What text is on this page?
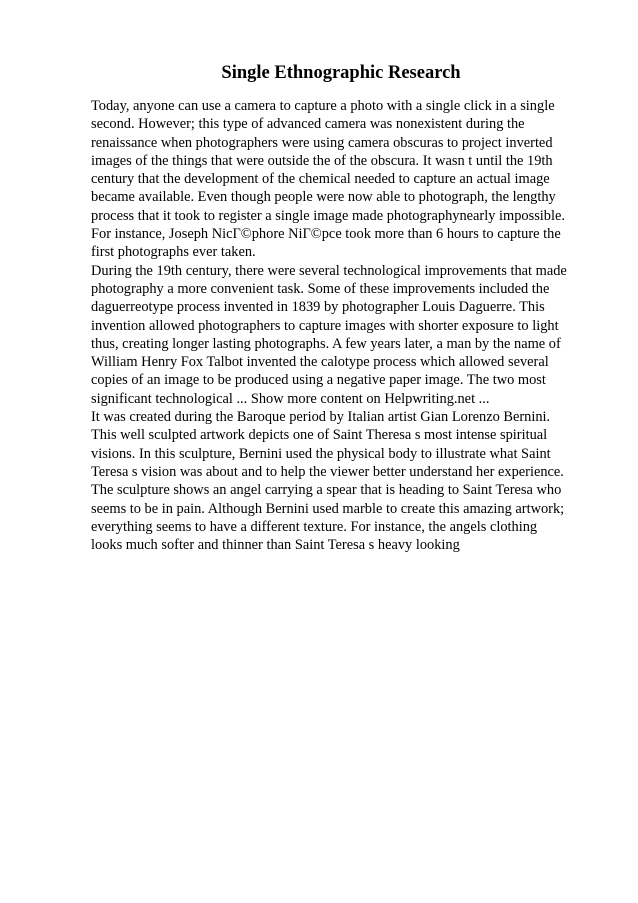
Single Ethnographic Research

Today, anyone can use a camera to capture a photo with a single click in a single second. However; this type of advanced camera was nonexistent during the renaissance when photographers were using camera obscuras to project inverted images of the things that were outside the of the obscura. It wasn t until the 19th century that the development of the chemical needed to capture an actual image became available. Even though people were now able to photograph, the lengthy process that it took to register a single image made photographynearly impossible. For instance, Joseph NicΓ©phore NiΓ©pce took more than 6 hours to capture the first photographs ever taken.

During the 19th century, there were several technological improvements that made photography a more convenient task. Some of these improvements included the daguerreotype process invented in 1839 by photographer Louis Daguerre. This invention allowed photographers to capture images with shorter exposure to light thus, creating longer lasting photographs. A few years later, a man by the name of William Henry Fox Talbot invented the calotype process which allowed several copies of an image to be produced using a negative paper image. The two most significant technological ... Show more content on Helpwriting.net ...

It was created during the Baroque period by Italian artist Gian Lorenzo Bernini. This well sculpted artwork depicts one of Saint Theresa s most intense spiritual visions. In this sculpture, Bernini used the physical body to illustrate what Saint Teresa s vision was about and to help the viewer better understand her experience. The sculpture shows an angel carrying a spear that is heading to Saint Teresa who seems to be in pain. Although Bernini used marble to create this amazing artwork; everything seems to have a different texture. For instance, the angels clothing looks much softer and thinner than Saint Teresa s heavy looking
